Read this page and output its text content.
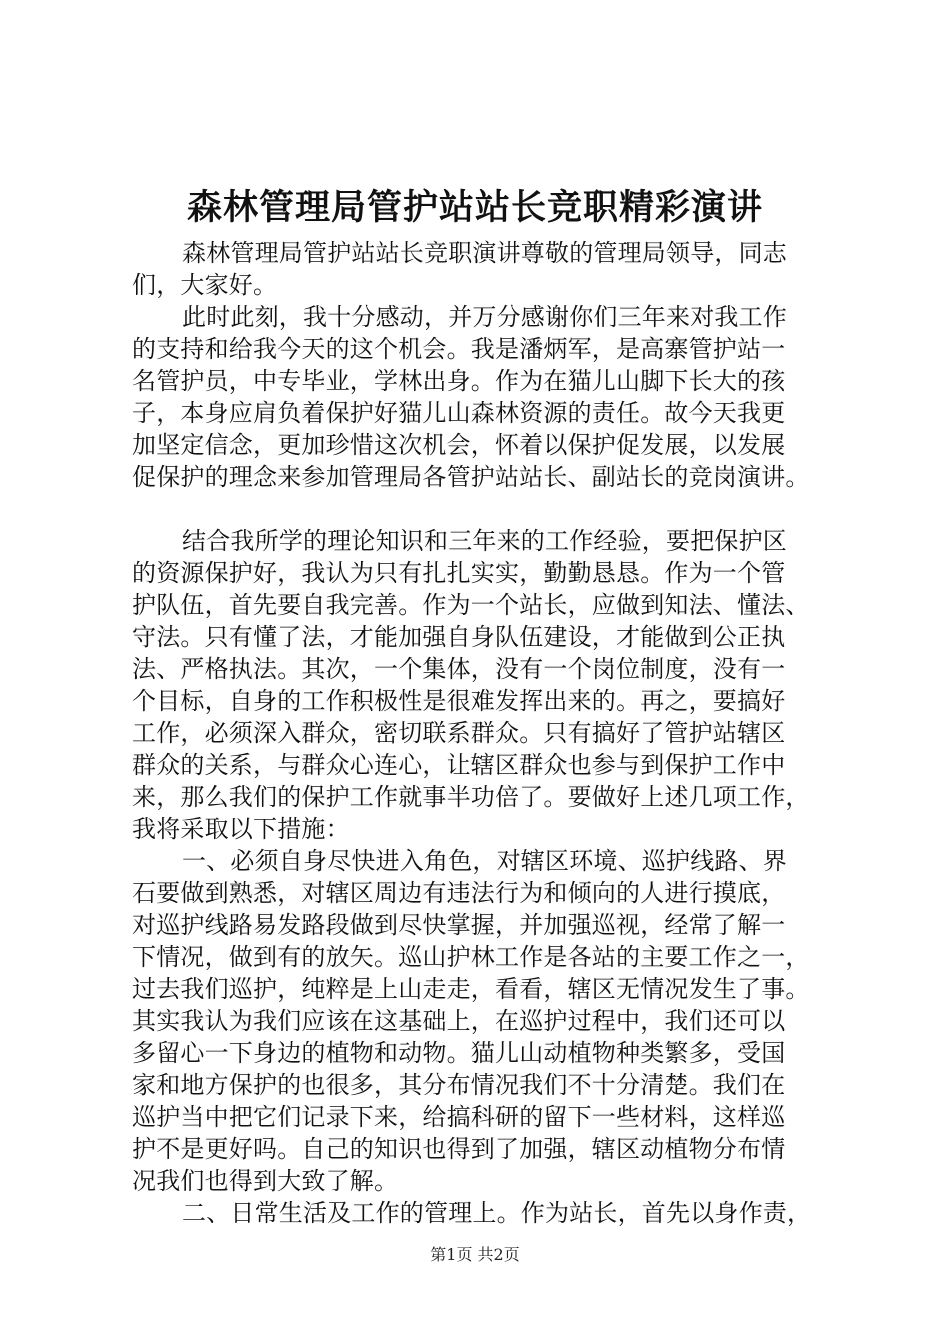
森林管理局管护站站长竞职精彩演讲
森林管理局管护站站长竞职演讲尊敬的管理局领导，同志
们，大家好。
此时此刻，我十分感动，并万分感谢你们三年来对我工作
的支持和给我今天的这个机会。我是潘炳军，是高寨管护站一
名管护员，中专毕业，学林出身。作为在猫儿山脚下长大的孩
子，本身应肩负着保护好猫儿山森林资源的责任。故今天我更
加坚定信念，更加珍惜这次机会，怀着以保护促发展，以发展
促保护的理念来参加管理局各管护站站长、副站长的竞岗演讲。
结合我所学的理论知识和三年来的工作经验，要把保护区
的资源保护好，我认为只有扎扎实实，勤勤恳恳。作为一个管
护队伍，首先要自我完善。作为一个站长，应做到知法、懂法、
守法。只有懂了法，才能加强自身队伍建设，才能做到公正执
法、严格执法。其次，一个集体，没有一个岗位制度，没有一
个目标，自身的工作积极性是很难发挥出来的。再之，要搞好
工作，必须深入群众，密切联系群众。只有搞好了管护站辖区
群众的关系，与群众心连心，让辖区群众也参与到保护工作中
来，那么我们的保护工作就事半功倍了。要做好上述几项工作，
我将采取以下措施：
一、必须自身尽快进入角色，对辖区环境、巡护线路、界
石要做到熟悉，对辖区周边有违法行为和倾向的人进行摸底，
对巡护线路易发路段做到尽快掌握，并加强巡视，经常了解一
下情况，做到有的放矢。巡山护林工作是各站的主要工作之一，
过去我们巡护，纯粹是上山走走，看看，辖区无情况发生了事。
其实我认为我们应该在这基础上，在巡护过程中，我们还可以
多留心一下身边的植物和动物。猫儿山动植物种类繁多，受国
家和地方保护的也很多，其分布情况我们不十分清楚。我们在
巡护当中把它们记录下来，给搞科研的留下一些材料，这样巡
护不是更好吗。自己的知识也得到了加强，辖区动植物分布情
况我们也得到大致了解。
二、日常生活及工作的管理上。作为站长，首先以身作责，
第1页 共2页
